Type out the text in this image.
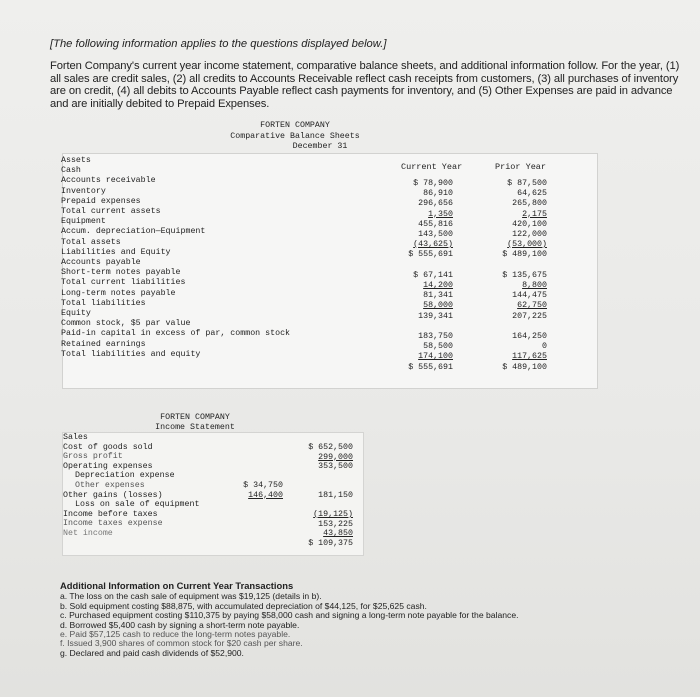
[The following information applies to the questions displayed below.]
Forten Company's current year income statement, comparative balance sheets, and additional information follow. For the year, (1) all sales are credit sales, (2) all credits to Accounts Receivable reflect cash receipts from customers, (3) all purchases of inventory are on credit, (4) all debits to Accounts Payable reflect cash payments for inventory, and (5) Other Expenses are paid in advance and are initially debited to Prepaid Expenses.
FORTEN COMPANY
Comparative Balance Sheets
December 31
Current Year	Prior Year
Assets
Cash
Accounts receivable
Inventory
Prepaid expenses
Total current assets
Equipment
Accum. depreciation—Equipment
Total assets
Liabilities and Equity
Accounts payable
Short-term notes payable
Total current liabilities
Long-term notes payable
Total liabilities
Equity
Common stock, $5 par value
Paid-in capital in excess of par, common stock
Retained earnings
Total liabilities and equity
$ 78,900
86,910
296,656
1,350
455,816
143,500
(43,625)
$ 555,691

$ 67,141
14,200
81,341
58,000
139,341

183,750
58,500
174,100
$ 555,691
$ 87,500
64,625
265,800
2,175
420,100
122,000
(53,000)
$ 489,100

$ 135,675
8,800
144,475
62,750
207,225

164,250
0
117,625
$ 489,100
FORTEN COMPANY
Income Statement
Sales
Cost of goods sold
Gross profit
Operating expenses
Depreciation expense
Other expenses
Other gains (losses)
Loss on sale of equipment
Income before taxes
Income taxes expense
Net income
$ 34,750
146,400
$ 652,500
299,000
353,500

181,150

(19,125)
153,225
43,850
$ 109,375
Additional Information on Current Year Transactions
a. The loss on the cash sale of equipment was $19,125 (details in b).
b. Sold equipment costing $88,875, with accumulated depreciation of $44,125, for $25,625 cash.
c. Purchased equipment costing $110,375 by paying $58,000 cash and signing a long-term note payable for the balance.
d. Borrowed $5,400 cash by signing a short-term note payable.
e. Paid $57,125 cash to reduce the long-term notes payable.
f. Issued 3,900 shares of common stock for $20 cash per share.
g. Declared and paid cash dividends of $52,900.
